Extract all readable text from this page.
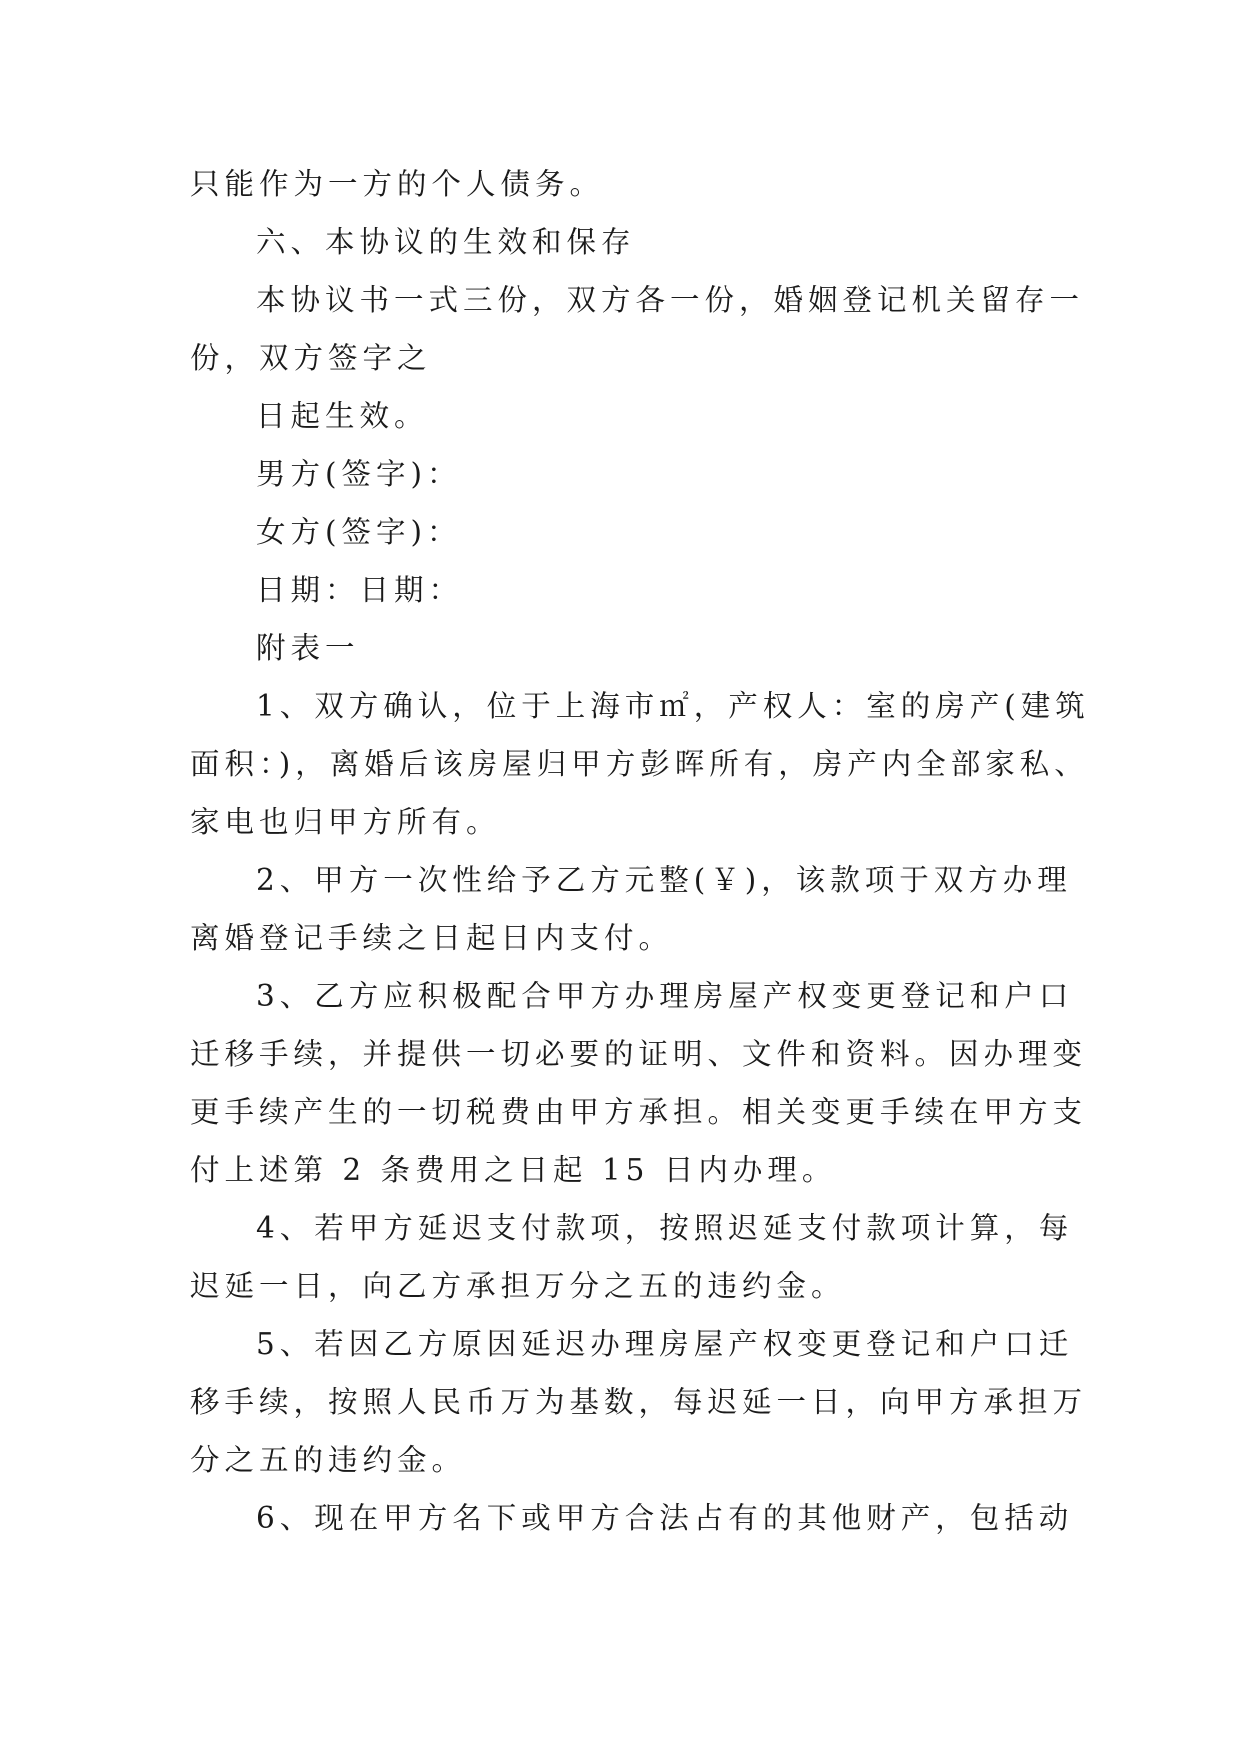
只能作为一方的个人债务。

六、本协议的生效和保存

本协议书一式三份，双方各一份，婚姻登记机关留存一

份，双方签字之

日起生效。

男方(签字)：

女方(签字)：

日期：日期：

附表一

1、双方确认，位于上海市㎡，产权人：室的房产(建筑

面积：)，离婚后该房屋归甲方彭晖所有，房产内全部家私、

家电也归甲方所有。

2、甲方一次性给予乙方元整(￥)，该款项于双方办理

离婚登记手续之日起日内支付。

3、乙方应积极配合甲方办理房屋产权变更登记和户口

迁移手续，并提供一切必要的证明、文件和资料。因办理变

更手续产生的一切税费由甲方承担。相关变更手续在甲方支

付上述第 2 条费用之日起 15 日内办理。

4、若甲方延迟支付款项，按照迟延支付款项计算，每

迟延一日，向乙方承担万分之五的违约金。

5、若因乙方原因延迟办理房屋产权变更登记和户口迁

移手续，按照人民币万为基数，每迟延一日，向甲方承担万

分之五的违约金。

6、现在甲方名下或甲方合法占有的其他财产，包括动
